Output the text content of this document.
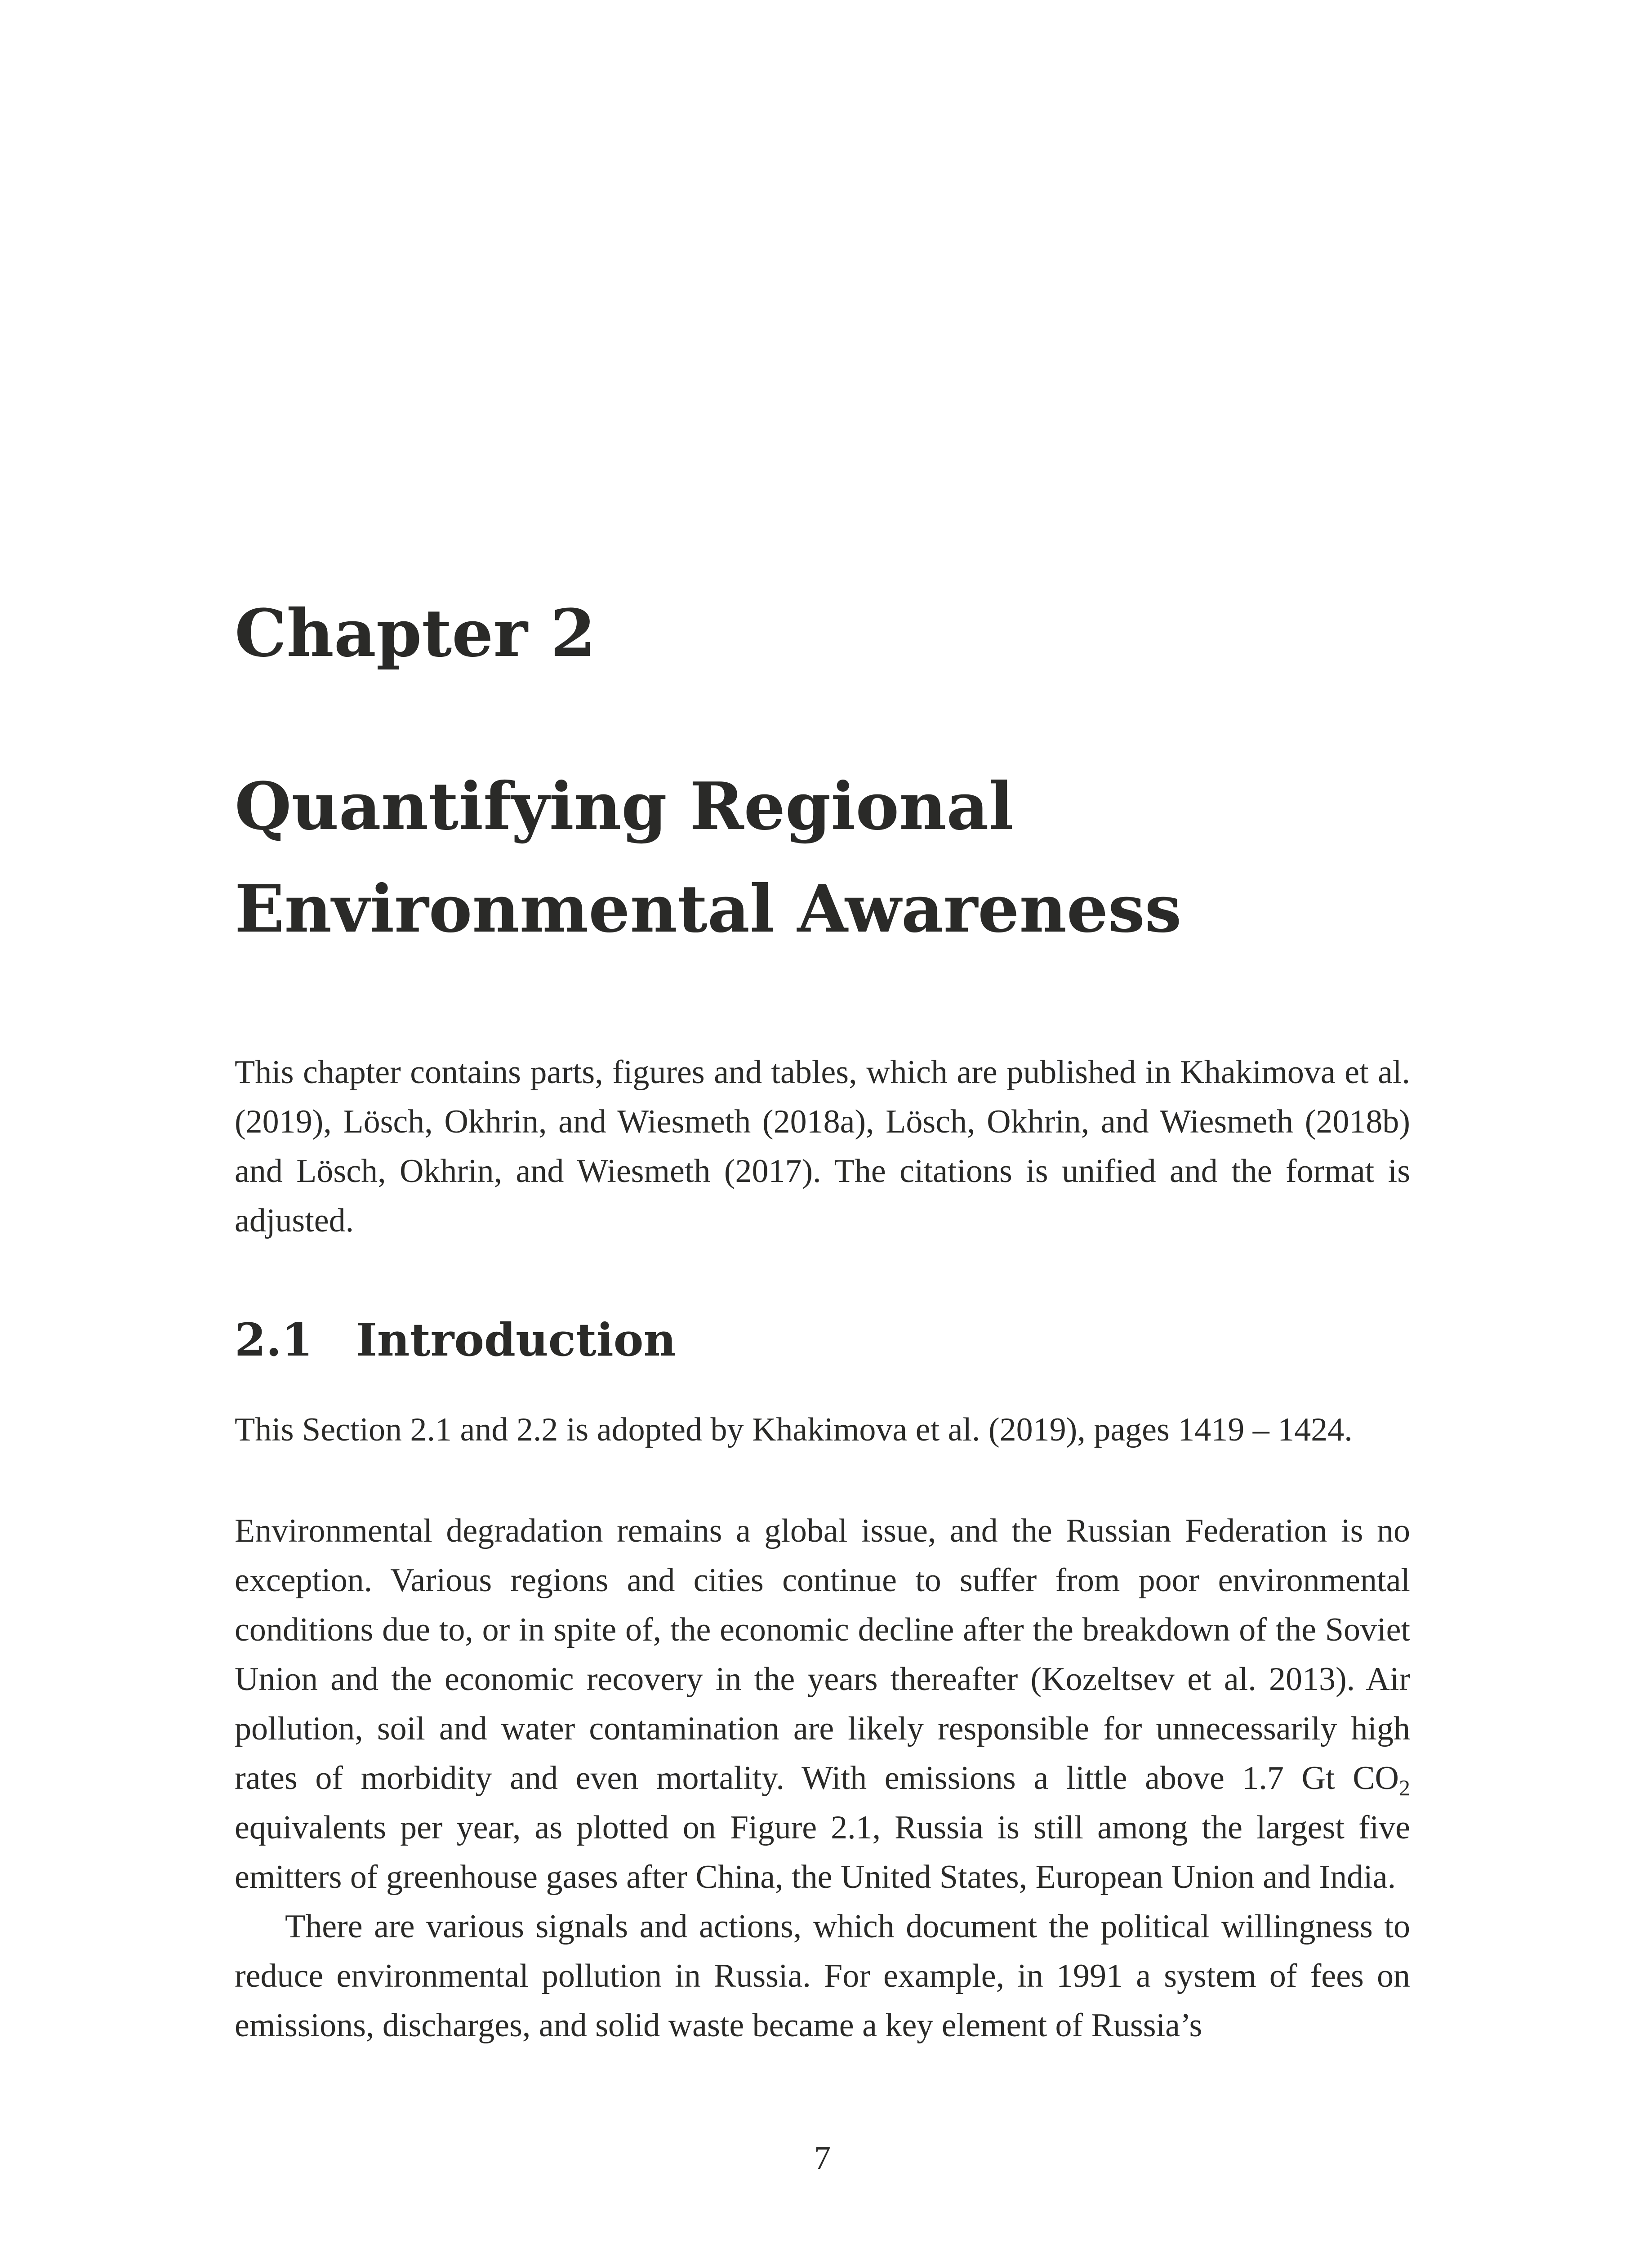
Chapter 2
Quantifying Regional
Environmental Awareness

This chapter contains parts, figures and tables, which are published in Khakimova et al. (2019), Lösch, Okhrin, and Wiesmeth (2018a), Lösch, Okhrin, and Wiesmeth (2018b) and Lösch, Okhrin, and Wiesmeth (2017). The citations is unified and the format is adjusted.

2.1 Introduction

This Section 2.1 and 2.2 is adopted by Khakimova et al. (2019), pages 1419 – 1424.

Environmental degradation remains a global issue, and the Russian Federation is no exception. Various regions and cities continue to suffer from poor environmental conditions due to, or in spite of, the economic decline after the breakdown of the Soviet Union and the economic recovery in the years thereafter (Kozeltsev et al. 2013). Air pollution, soil and water contamination are likely responsible for unnecessarily high rates of morbidity and even mortality. With emissions a little above 1.7 Gt $CO_2$ equivalents per year, as plotted on Figure 2.1, Russia is still among the largest five emitters of greenhouse gases after China, the United States, European Union and India.

There are various signals and actions, which document the political willingness to reduce environmental pollution in Russia. For example, in 1991 a system of fees on emissions, discharges, and solid waste became a key element of Russia’s

7
